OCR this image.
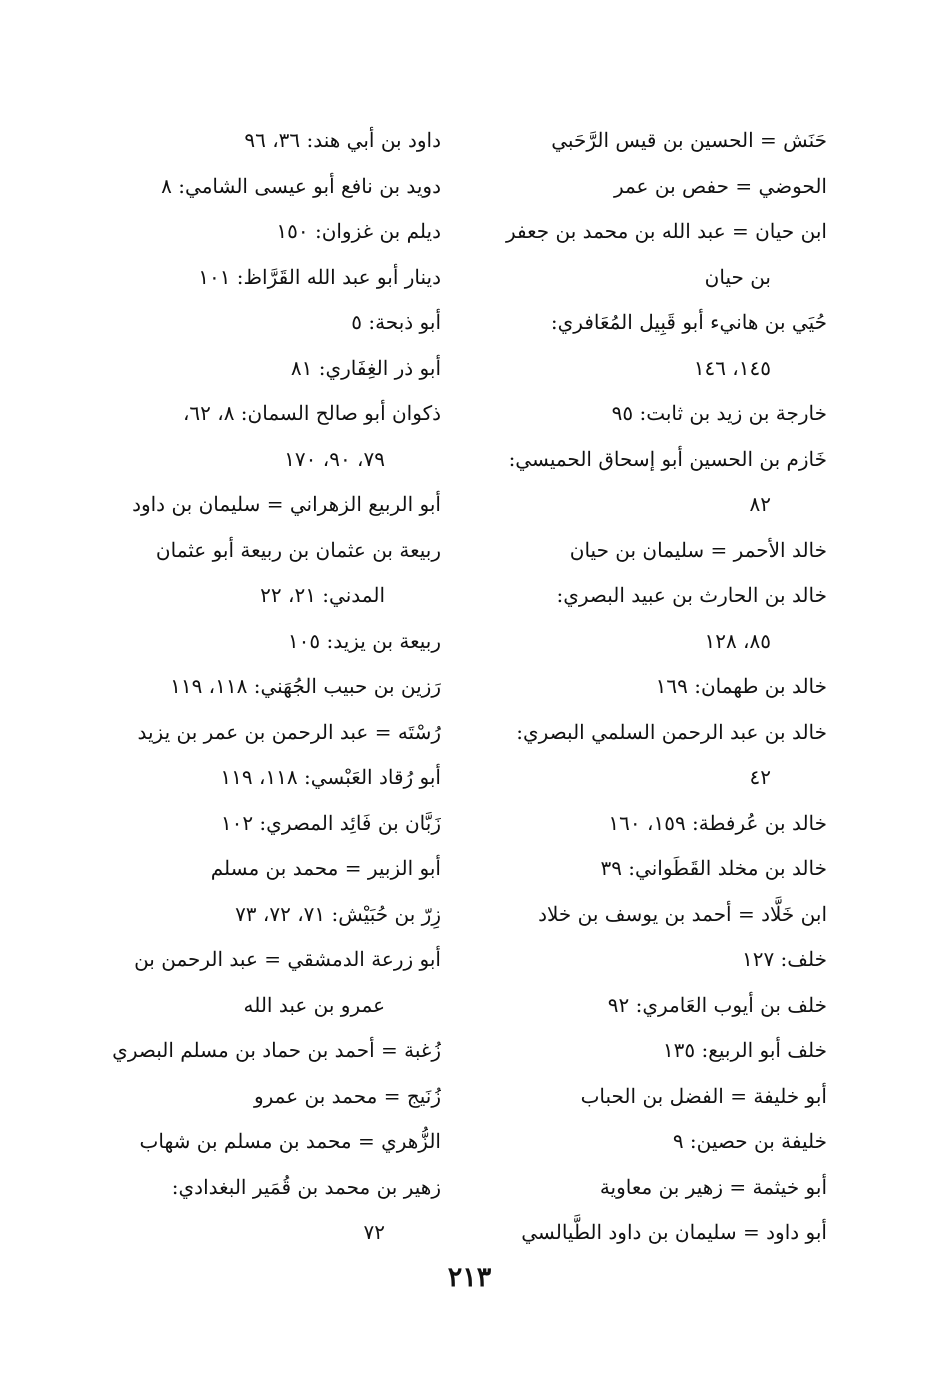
حَنَش = الحسين بن قيس الرَّحَبي
الحوضي = حفص بن عمر
ابن حيان = عبد الله بن محمد بن جعفر
بن حيان
حُيَي بن هانيء أبو قَبِيل المُعَافري:
١٤٥، ١٤٦
خارجة بن زيد بن ثابت: ٩٥
خَازم بن الحسين أبو إسحاق الحميسي:
٨٢
خالد الأحمر = سليمان بن حيان
خالد بن الحارث بن عبيد البصري:
٨٥، ١٢٨
خالد بن طهمان: ١٦٩
خالد بن عبد الرحمن السلمي البصري:
٤٢
خالد بن عُرفطة: ١٥٩، ١٦٠
خالد بن مخلد القَطَواني: ٣٩
ابن خَلَّاد = أحمد بن يوسف بن خلاد
خلف: ١٢٧
خلف بن أيوب العَامري: ٩٢
خلف أبو الربيع: ١٣٥
أبو خليفة = الفضل بن الحباب
خليفة بن حصين: ٩
أبو خيثمة = زهير بن معاوية
أبو داود = سليمان بن داود الطَّيالسي
داود بن أبي هند: ٣٦، ٩٦
دويد بن نافع أبو عيسى الشامي: ٨
ديلم بن غزوان: ١٥٠
دينار أبو عبد الله القَرَّاظ: ١٠١
أبو ذبحة: ٥
أبو ذر الغِفَاري: ٨١
ذكوان أبو صالح السمان: ٨، ٦٢،
٧٩، ٩٠، ١٧٠
أبو الربيع الزهراني = سليمان بن داود
ربيعة بن عثمان بن ربيعة أبو عثمان
المدني: ٢١، ٢٢
ربيعة بن يزيد: ١٠٥
رَزين بن حبيب الجُهَني: ١١٨، ١١٩
رُسْتَه = عبد الرحمن بن عمر بن يزيد
أبو رُقاد العَبْسي: ١١٨، ١١٩
زَبَّان بن فَائِد المصري: ١٠٢
أبو الزبير = محمد بن مسلم
زِرّ بن حُبَيْش: ٧١، ٧٢، ٧٣
أبو زرعة الدمشقي = عبد الرحمن بن
عمرو بن عبد الله
زُغبة = أحمد بن حماد بن مسلم البصري
زُنَيج = محمد بن عمرو
الزُّهري = محمد بن مسلم بن شهاب
زهير بن محمد بن قُمَير البغدادي:
٧٢
٢١٣
